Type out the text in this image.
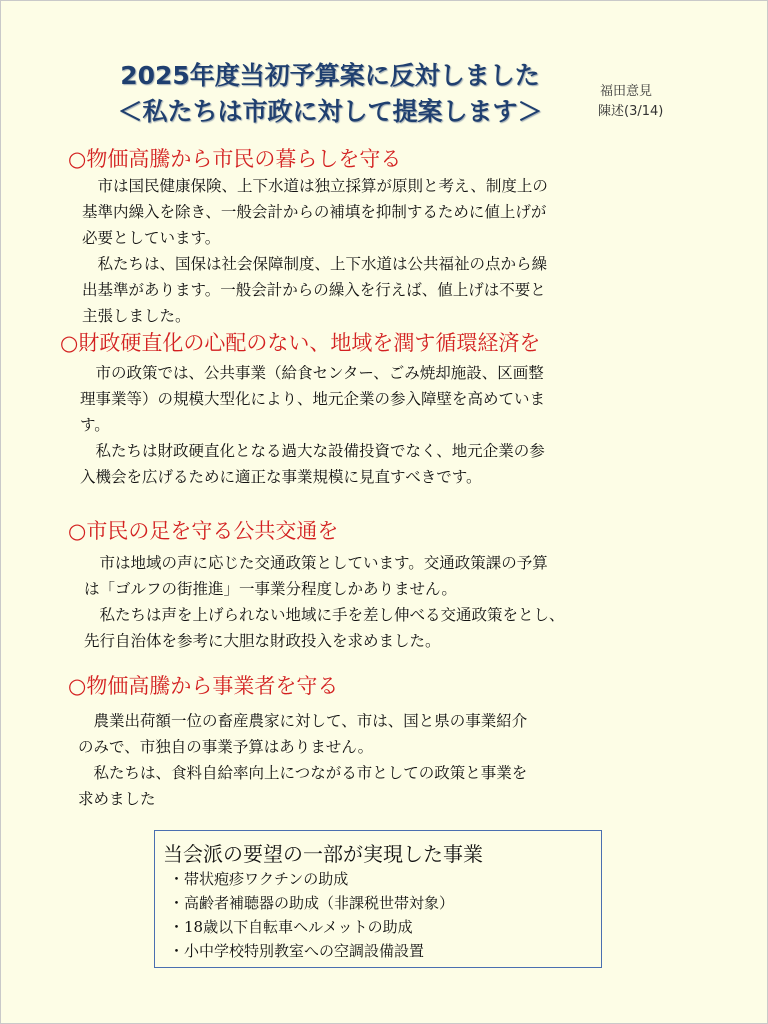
2025年度当初予算案に反対しました
＜私たちは市政に対して提案します＞
福田意見
陳述(3/14)
○物価高騰から市民の暮らしを守る
　市は国民健康保険、上下水道は独立採算が原則と考え、制度上の
基準内繰入を除き、一般会計からの補填を抑制するために値上げが
必要としています。
　私たちは、国保は社会保障制度、上下水道は公共福祉の点から繰
出基準があります。一般会計からの繰入を行えば、値上げは不要と
主張しました。
○財政硬直化の心配のない、地域を潤す循環経済を
　市の政策では、公共事業（給食センター、ごみ焼却施設、区画整
理事業等）の規模大型化により、地元企業の参入障壁を高めていま
す。
　私たちは財政硬直化となる過大な設備投資でなく、地元企業の参
入機会を広げるために適正な事業規模に見直すべきです。
○市民の足を守る公共交通を
　市は地域の声に応じた交通政策としています。交通政策課の予算
は「ゴルフの街推進」一事業分程度しかありません。
　私たちは声を上げられない地域に手を差し伸べる交通政策をとし、
先行自治体を参考に大胆な財政投入を求めました。
○物価高騰から事業者を守る
　農業出荷額一位の畜産農家に対して、市は、国と県の事業紹介
のみで、市独自の事業予算はありません。
　私たちは、食料自給率向上につながる市としての政策と事業を
求めました
当会派の要望の一部が実現した事業
・帯状疱疹ワクチンの助成
・高齢者補聴器の助成（非課税世帯対象）
・18歳以下自転車ヘルメットの助成
・小中学校特別教室への空調設備設置
